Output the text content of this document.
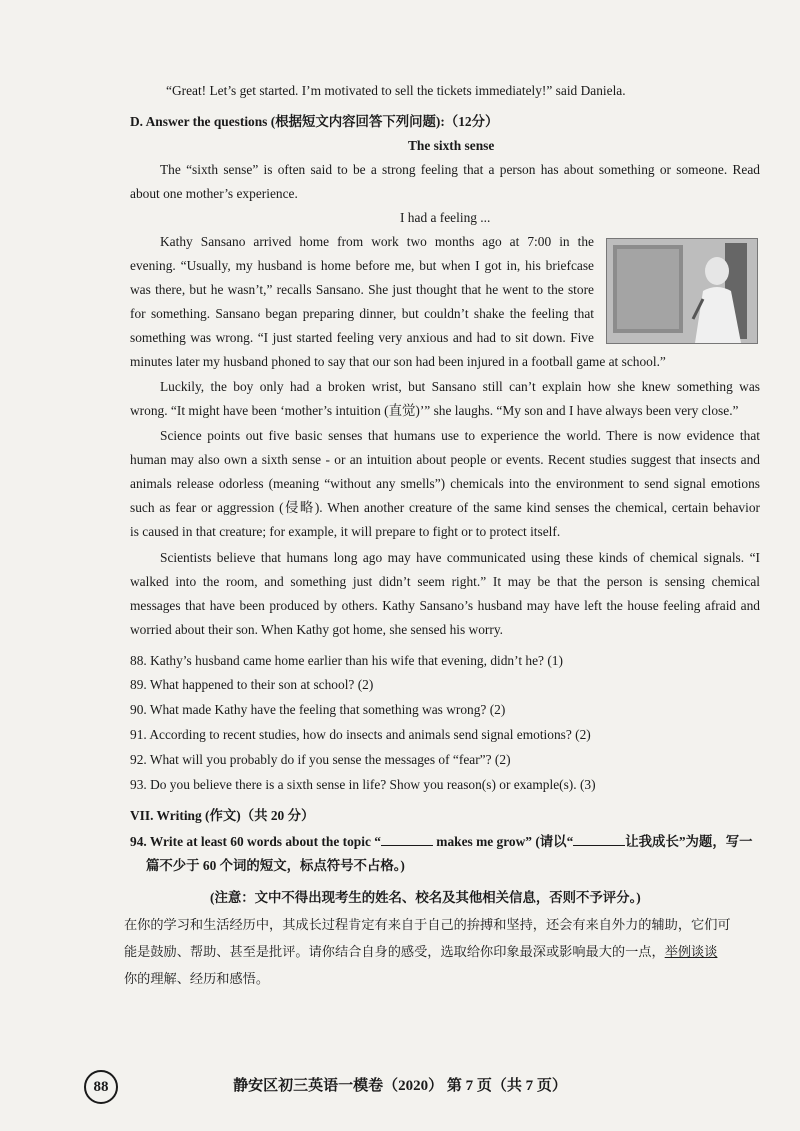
“Great! Let’s get started. I’m motivated to sell the tickets immediately!” said Daniela.

D. Answer the questions (根据短文内容回答下列问题):（12分）

The sixth sense

The “sixth sense” is often said to be a strong feeling that a person has about something or someone. Read

about one mother’s experience.

I had a feeling ...

Kathy Sansano arrived home from work two months ago at 7:00 in the

evening. “Usually, my husband is home before me, but when I got in, his briefcase

was there, but he wasn’t,” recalls Sansano. She just thought that he went to the store

for something. Sansano began preparing dinner, but couldn’t shake the feeling that

something was wrong. “I just started feeling very anxious and had to sit down. Five

minutes later my husband phoned to say that our son had been injured in a football game at school.”

Luckily, the boy only had a broken wrist, but Sansano still can’t explain how she knew something was

wrong. “It might have been ‘mother’s intuition (直觉)’” she laughs. “My son and I have always been very close.”

Science points out five basic senses that humans use to experience the world. There is now evidence that

human may also own a sixth sense - or an intuition about people or events. Recent studies suggest that insects and

animals release odorless (meaning “without any smells”) chemicals into the environment to send signal emotions

such as fear or aggression (侵略). When another creature of the same kind senses the chemical, certain behavior

is caused in that creature; for example, it will prepare to fight or to protect itself.

Scientists believe that humans long ago may have communicated using these kinds of chemical signals. “I

walked into the room, and something just didn’t seem right.” It may be that the person is sensing chemical

messages that have been produced by others. Kathy Sansano’s husband may have left the house feeling afraid and

worried about their son. When Kathy got home, she sensed his worry.

88. Kathy’s husband came home earlier than his wife that evening, didn’t he? (1)

89. What happened to their son at school? (2)

90. What made Kathy have the feeling that something was wrong? (2)

91. According to recent studies, how do insects and animals send signal emotions? (2)

92. What will you probably do if you sense the messages of “fear”? (2)

93. Do you believe there is a sixth sense in life? Show you reason(s) or example(s). (3)

VII. Writing (作文)（共 20 分）

94. Write at least 60 words about the topic “	makes me grow” (请以“	让我成长”为题，写一

篇不少于 60 个词的短文，标点符号不占格。)

(注意：文中不得出现考生的姓名、校名及其他相关信息，否则不予评分。)

在你的学习和生活经历中，其成长过程肯定有来自于自己的拚搏和坚持，还会有来自外力的辅助，它们可

能是鼓励、帮助、甚至是批评。请你结合自身的感受，选取给你印象最深或影响最大的一点，举例谈谈

你的理解、经历和感悟。

88	静安区初三英语一模卷（2020） 第 7 页（共 7 页）
